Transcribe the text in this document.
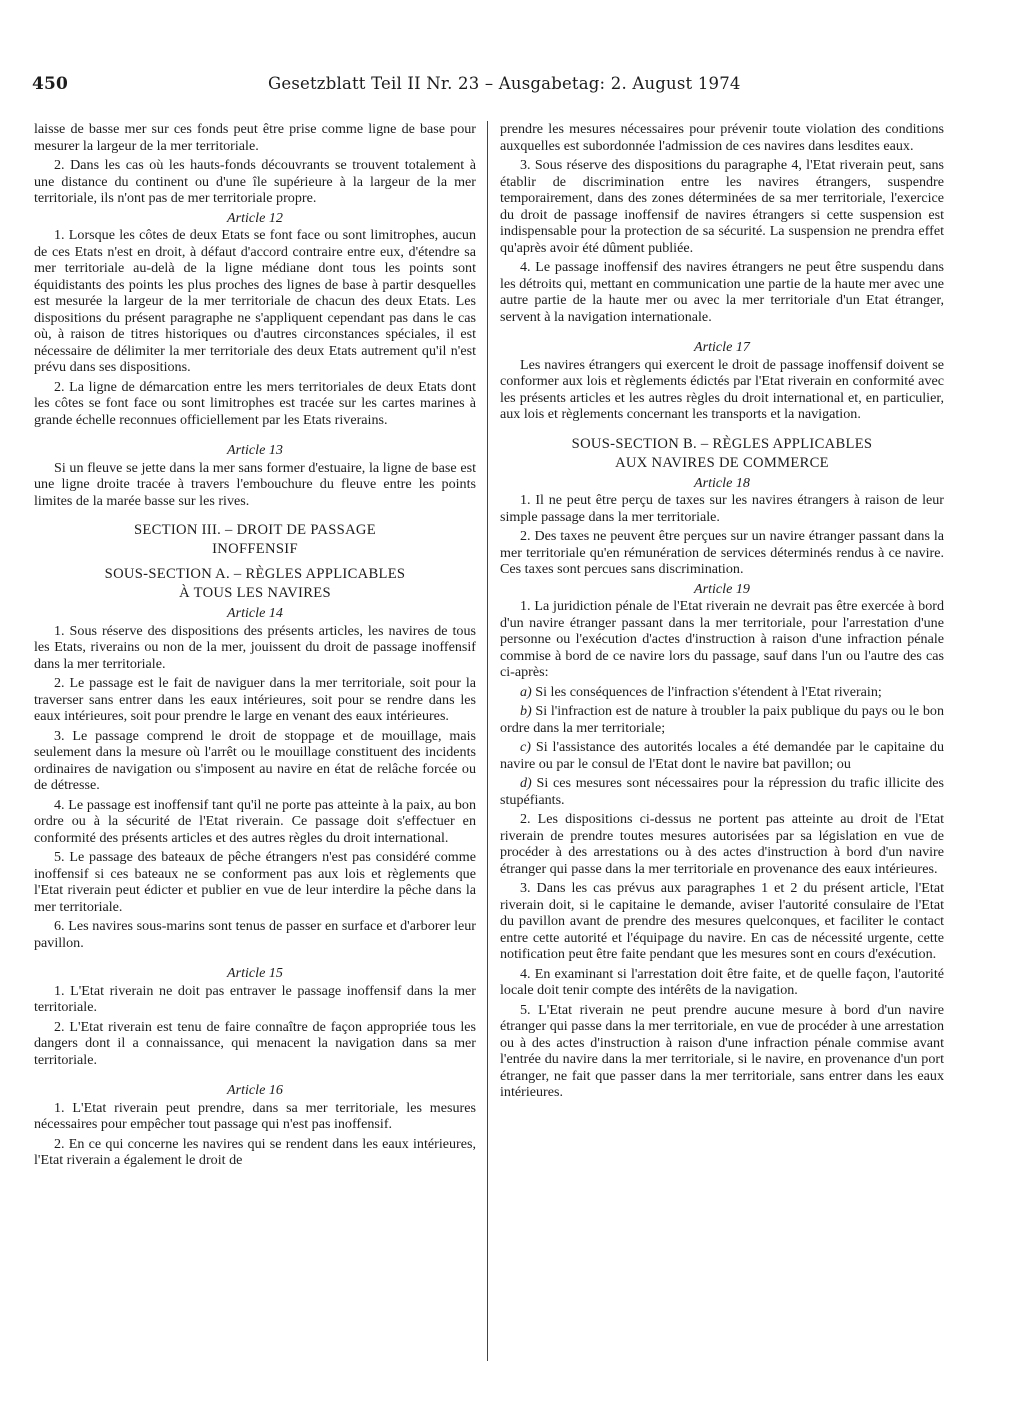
450	Gesetzblatt Teil II Nr. 23 – Ausgabetag: 2. August 1974

laisse de basse mer sur ces fonds peut être prise comme ligne de base pour mesurer la largeur de la mer territoriale.

2. Dans les cas où les hauts-fonds découvrants se trouvent totalement à une distance du continent ou d'une île supérieure à la largeur de la mer territoriale, ils n'ont pas de mer territoriale propre.

Article 12

1. Lorsque les côtes de deux Etats se font face ou sont limitrophes, aucun de ces Etats n'est en droit, à défaut d'accord contraire entre eux, d'étendre sa mer territoriale au-delà de la ligne médiane dont tous les points sont équidistants des points les plus proches des lignes de base à partir desquelles est mesurée la largeur de la mer territoriale de chacun des deux Etats. Les dispositions du présent paragraphe ne s'appliquent cependant pas dans le cas où, à raison de titres historiques ou d'autres circonstances spéciales, il est nécessaire de délimiter la mer territoriale des deux Etats autrement qu'il n'est prévu dans ses dispositions.

2. La ligne de démarcation entre les mers territoriales de deux Etats dont les côtes se font face ou sont limitrophes est tracée sur les cartes marines à grande échelle reconnues officiellement par les Etats riverains.

Article 13

Si un fleuve se jette dans la mer sans former d'estuaire, la ligne de base est une ligne droite tracée à travers l'embouchure du fleuve entre les points limites de la marée basse sur les rives.

SECTION III. – DROIT DE PASSAGE
INOFFENSIF
SOUS-SECTION A. – RÈGLES APPLICABLES
À TOUS LES NAVIRES
Article 14

1. Sous réserve des dispositions des présents articles, les navires de tous les Etats, riverains ou non de la mer, jouissent du droit de passage inoffensif dans la mer territoriale.

2. Le passage est le fait de naviguer dans la mer territoriale, soit pour la traverser sans entrer dans les eaux intérieures, soit pour se rendre dans les eaux intérieures, soit pour prendre le large en venant des eaux intérieures.

3. Le passage comprend le droit de stoppage et de mouillage, mais seulement dans la mesure où l'arrêt ou le mouillage constituent des incidents ordinaires de navigation ou s'imposent au navire en état de relâche forcée ou de détresse.

4. Le passage est inoffensif tant qu'il ne porte pas atteinte à la paix, au bon ordre ou à la sécurité de l'Etat riverain. Ce passage doit s'effectuer en conformité des présents articles et des autres règles du droit international.

5. Le passage des bateaux de pêche étrangers n'est pas considéré comme inoffensif si ces bateaux ne se conforment pas aux lois et règlements que l'Etat riverain peut édicter et publier en vue de leur interdire la pêche dans la mer territoriale.

6. Les navires sous-marins sont tenus de passer en surface et d'arborer leur pavillon.

Article 15

1. L'Etat riverain ne doit pas entraver le passage inoffensif dans la mer territoriale.

2. L'Etat riverain est tenu de faire connaître de façon appropriée tous les dangers dont il a connaissance, qui menacent la navigation dans sa mer territoriale.

Article 16

1. L'Etat riverain peut prendre, dans sa mer territoriale, les mesures nécessaires pour empêcher tout passage qui n'est pas inoffensif.

2. En ce qui concerne les navires qui se rendent dans les eaux intérieures, l'Etat riverain a également le droit de

prendre les mesures nécessaires pour prévenir toute violation des conditions auxquelles est subordonnée l'admission de ces navires dans lesdites eaux.

3. Sous réserve des dispositions du paragraphe 4, l'Etat riverain peut, sans établir de discrimination entre les navires étrangers, suspendre temporairement, dans des zones déterminées de sa mer territoriale, l'exercice du droit de passage inoffensif de navires étrangers si cette suspension est indispensable pour la protection de sa sécurité. La suspension ne prendra effet qu'après avoir été dûment publiée.

4. Le passage inoffensif des navires étrangers ne peut être suspendu dans les détroits qui, mettant en communication une partie de la haute mer avec une autre partie de la haute mer ou avec la mer territoriale d'un Etat étranger, servent à la navigation internationale.

Article 17

Les navires étrangers qui exercent le droit de passage inoffensif doivent se conformer aux lois et règlements édictés par l'Etat riverain en conformité avec les présents articles et les autres règles du droit international et, en particulier, aux lois et règlements concernant les transports et la navigation.

SOUS-SECTION B. – RÈGLES APPLICABLES
AUX NAVIRES DE COMMERCE
Article 18

1. Il ne peut être perçu de taxes sur les navires étrangers à raison de leur simple passage dans la mer territoriale.

2. Des taxes ne peuvent être perçues sur un navire étranger passant dans la mer territoriale qu'en rémunération de services déterminés rendus à ce navire. Ces taxes sont percues sans discrimination.

Article 19

1. La juridiction pénale de l'Etat riverain ne devrait pas être exercée à bord d'un navire étranger passant dans la mer territoriale, pour l'arrestation d'une personne ou l'exécution d'actes d'instruction à raison d'une infraction pénale commise à bord de ce navire lors du passage, sauf dans l'un ou l'autre des cas ci-après:

a) Si les conséquences de l'infraction s'étendent à l'Etat riverain;

b) Si l'infraction est de nature à troubler la paix publique du pays ou le bon ordre dans la mer territoriale;

c) Si l'assistance des autorités locales a été demandée par le capitaine du navire ou par le consul de l'Etat dont le navire bat pavillon; ou

d) Si ces mesures sont nécessaires pour la répression du trafic illicite des stupéfiants.

2. Les dispositions ci-dessus ne portent pas atteinte au droit de l'Etat riverain de prendre toutes mesures autorisées par sa législation en vue de procéder à des arrestations ou à des actes d'instruction à bord d'un navire étranger qui passe dans la mer territoriale en provenance des eaux intérieures.

3. Dans les cas prévus aux paragraphes 1 et 2 du présent article, l'Etat riverain doit, si le capitaine le demande, aviser l'autorité consulaire de l'Etat du pavillon avant de prendre des mesures quelconques, et faciliter le contact entre cette autorité et l'équipage du navire. En cas de nécessité urgente, cette notification peut être faite pendant que les mesures sont en cours d'exécution.

4. En examinant si l'arrestation doit être faite, et de quelle façon, l'autorité locale doit tenir compte des intérêts de la navigation.

5. L'Etat riverain ne peut prendre aucune mesure à bord d'un navire étranger qui passe dans la mer territoriale, en vue de procéder à une arrestation ou à des actes d'instruction à raison d'une infraction pénale commise avant l'entrée du navire dans la mer territoriale, si le navire, en provenance d'un port étranger, ne fait que passer dans la mer territoriale, sans entrer dans les eaux intérieures.
